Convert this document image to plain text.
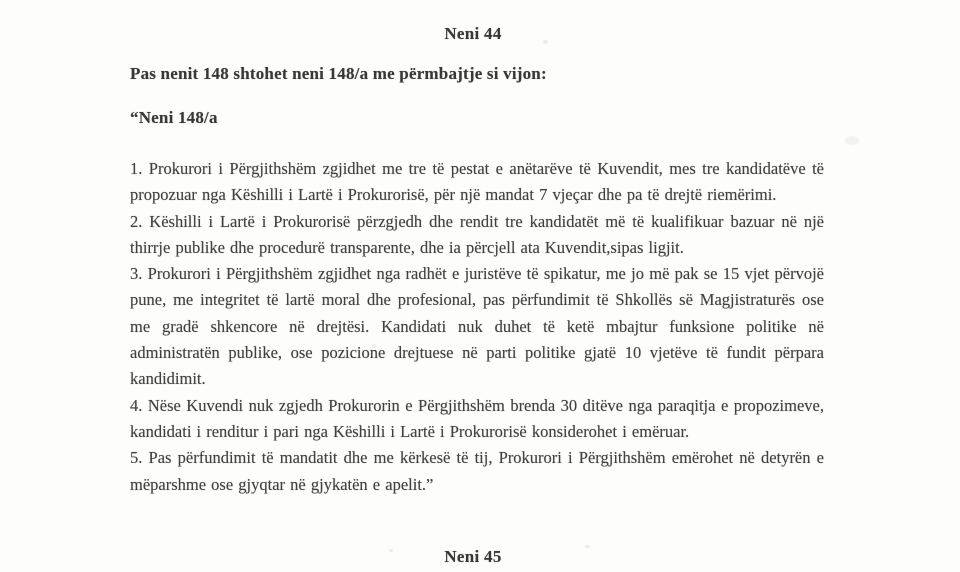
Neni 44
Pas nenit 148 shtohet neni 148/a me përmbajtje si vijon:
“Neni 148/a

1. Prokurori i Përgjithshëm zgjidhet me tre të pestat e anëtarëve të Kuvendit, mes tre kandidatëve të propozuar nga Këshilli i Lartë i Prokurorisë, për një mandat 7 vjeçar dhe pa të drejtë riemërimi.

2. Këshilli i Lartë i Prokurorisë përzgjedh dhe rendit tre kandidatët më të kualifikuar bazuar në një thirrje publike dhe procedurë transparente, dhe ia përcjell ata Kuvendit,sipas ligjit.

3. Prokurori i Përgjithshëm zgjidhet nga radhët e juristëve të spikatur, me jo më pak se 15 vjet përvojë pune, me integritet të lartë moral dhe profesional, pas përfundimit të Shkollës së Magjistraturës ose me gradë shkencore në drejtësi. Kandidati nuk duhet të ketë mbajtur funksione politike në administratën publike, ose pozicione drejtuese në parti politike gjatë 10 vjetëve të fundit përpara kandidimit.

4. Nëse Kuvendi nuk zgjedh Prokurorin e Përgjithshëm brenda 30 ditëve nga paraqitja e propozimeve, kandidati i renditur i pari nga Këshilli i Lartë i Prokurorisë konsiderohet i emëruar.

5. Pas përfundimit të mandatit dhe me kërkesë të tij, Prokurori i Përgjithshëm emërohet në detyrën e mëparshme ose gjyqtar në gjykatën e apelit.”

Neni 45
